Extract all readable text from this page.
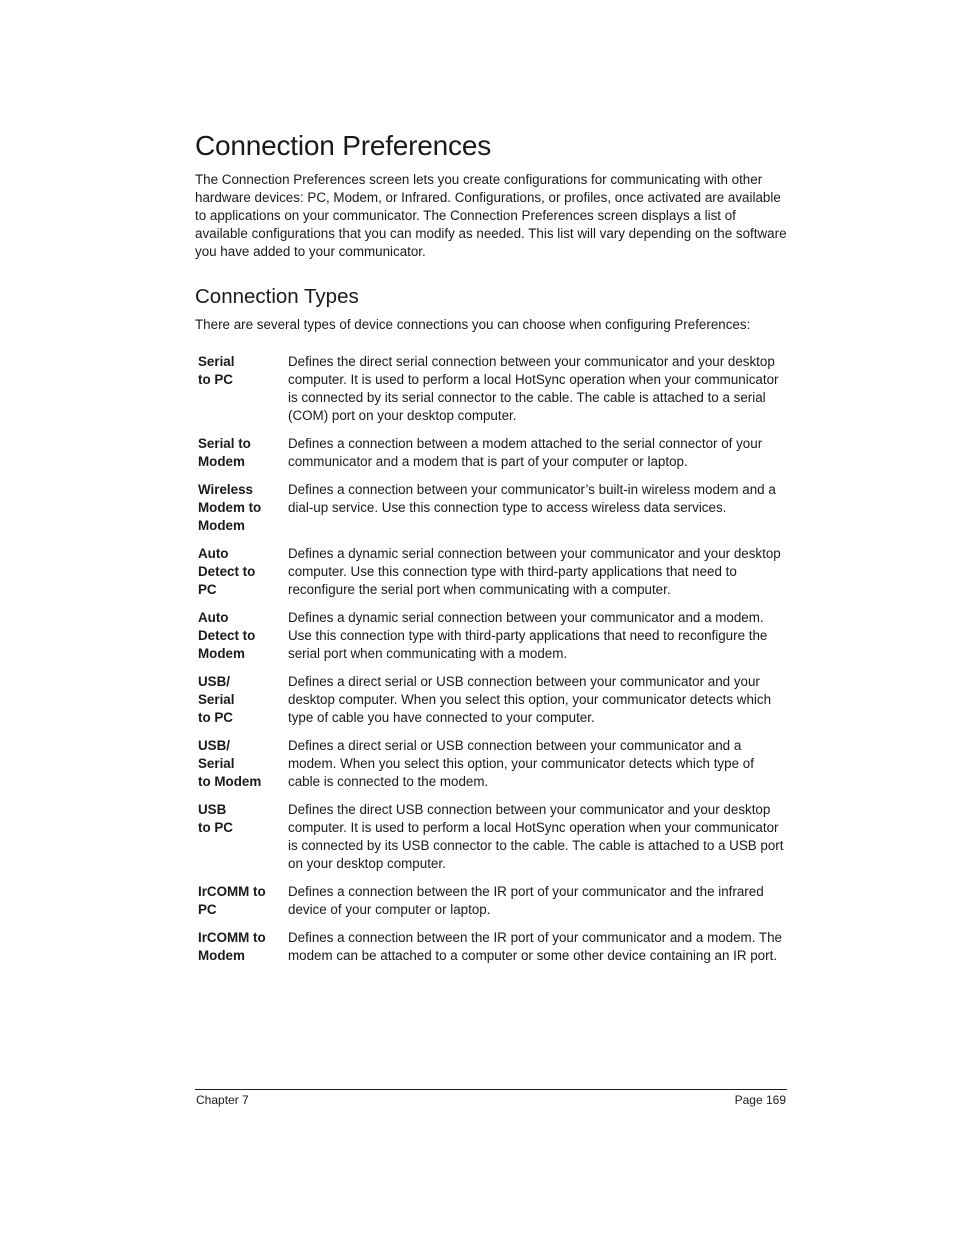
Connection Preferences

The Connection Preferences screen lets you create configurations for communicating with other hardware devices: PC, Modem, or Infrared. Configurations, or profiles, once activated are available to applications on your communicator. The Connection Preferences screen displays a list of available configurations that you can modify as needed. This list will vary depending on the software you have added to your communicator.

Connection Types

There are several types of device connections you can choose when configuring Preferences:

Serial
to PC
Defines the direct serial connection between your communicator and your desktop computer. It is used to perform a local HotSync operation when your communicator is connected by its serial connector to the cable. The cable is attached to a serial (COM) port on your desktop computer.
Serial to
Modem
Defines a connection between a modem attached to the serial connector of your communicator and a modem that is part of your computer or laptop.
Wireless
Modem to
Modem
Defines a connection between your communicator’s built-in wireless modem and a dial-up service. Use this connection type to access wireless data services.
Auto
Detect to
PC
Defines a dynamic serial connection between your communicator and your desktop computer. Use this connection type with third-party applications that need to reconfigure the serial port when communicating with a computer.
Auto
Detect to
Modem
Defines a dynamic serial connection between your communicator and a modem. Use this connection type with third-party applications that need to reconfigure the serial port when communicating with a modem.
USB/
Serial
to PC
Defines a direct serial or USB connection between your communicator and your desktop computer. When you select this option, your communicator detects which type of cable you have connected to your computer.
USB/
Serial
to Modem
Defines a direct serial or USB connection between your communicator and a modem. When you select this option, your communicator detects which type of cable is connected to the modem.
USB
to PC
Defines the direct USB connection between your communicator and your desktop computer. It is used to perform a local HotSync operation when your communicator is connected by its USB connector to the cable. The cable is attached to a USB port on your desktop computer.
IrCOMM to
PC
Defines a connection between the IR port of your communicator and the infrared device of your computer or laptop.
IrCOMM to
Modem
Defines a connection between the IR port of your communicator and a modem. The modem can be attached to a computer or some other device containing an IR port.
Chapter 7	Page 169
